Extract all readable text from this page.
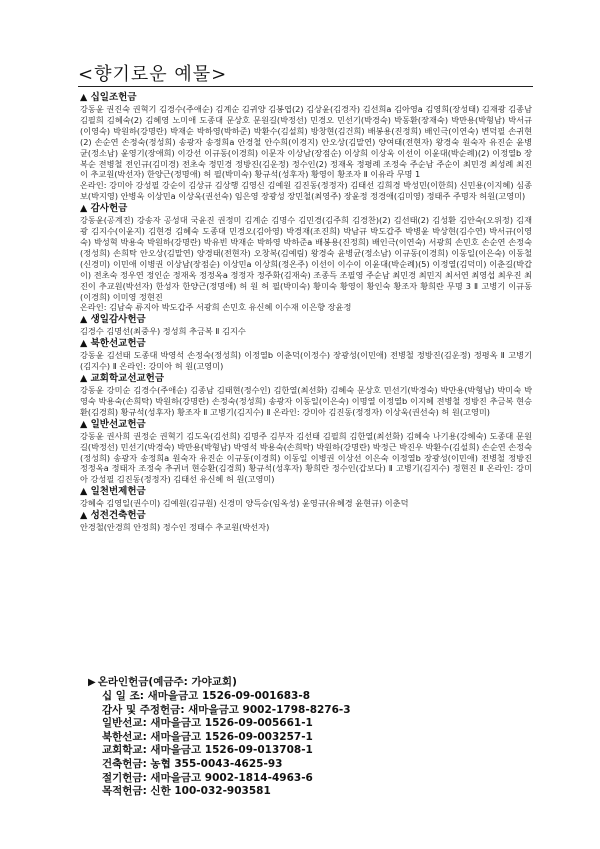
<향기로운 예물>
▲ 십일조헌금
강동윤 권진숙 권혁기 김경수(주애순) 김계순 김귀양 김봉엽(2) 김상윤(김경자) 김선희a 김아영a 김영희(장성태) 김재광 김종남 김필희 김혜숙(2) 김혜영 노미애 도종대 문상호 문원길(박정선) 민경오 민선기(박경숙) 박동환(장재숙) 박만용(박형남) 박서규(이영숙) 박원하(강명란) 박재순 박하영(박하준) 박환수(김설희) 방창현(김건희) 배봉용(진정희) 배인극(이연숙) 변덕필 손귀현(2) 손순연 손정숙(정성희) 송광자 송정희a 안경철 안수희(이경지) 안오상(김말연) 양여태(전현자) 왕경숙 원숙자 유진순 윤병균(정소남) 윤영기(장애희) 이강선 이규동(이경희) 이문자 이상남(장점순) 이상희 이상욱 이선이 이윤대(박순례)(2) 이정열b 장복순 전병철 전인규(김미경) 전초숙 정민경 정방진(김운정) 정수인(2) 정재옥 정평례 조정숙 주순남 주순이 최민경 최성례 최진이 추교원(박선자) 한양근(정명애) 허 필(박미숙) 황규석(성후자) 황영이 황조자 Ⅱ 이유라 무명 1
온라인: 강미아 강성필 강순이 김상규 김상행 김영신 김예원 김진동(정정자) 김태선 김희경 박성민(이한희) 신민용(이지혜) 심종보(박지영) 안병욱 이상민a 이상욱(권선숙) 임은영 장광성 장민철(최영주) 장윤정 정경애(김미영) 정태주 주명자 허원(고영미)
▲ 감사헌금
강동윤(공계진) 강송자 공성대 국윤진 권정미 김계순 김명수 김민경(김주희 김경찬)(2) 김선태(2) 김성환 김안숙(오위정) 김재광 김지수(이윤지) 김현경 김혜숙 도종대 민경오(김아영) 박경재(조진희) 박남규 박도갑주 박병윤 박상현(김수연) 박서규(이영숙) 박성혁 박용숙 박원하(강명란) 박유빈 박재순 박하영 박하준a 배봉용(진정희) 배인극(이연숙) 서광희 손민호 손순연 손정숙(정성희) 손희탁 안오상(김말연) 양경태(전현자) 오창복(김예림) 왕경숙 윤병균(정소남) 이규동(이경희) 이동일(이은숙) 이동철(신경미) 이민애 이병권 이상남(장점순) 이상민a 이상희(정온주) 이선이 이수이 이윤대(박순례)(5) 이정열(김덕미) 이춘길(박갑이) 전초숙 정우연 정인순 정재옥 정정옥a 정정자 정주화(김재숙) 조종득 조필영 주순남 최민경 최민지 최서연 최영섭 최우진 최진이 추교원(박선자) 한성자 한양근(정명애) 허 원 허 필(박미숙) 황미숙 황영이 황인숙 황조자 황희란 무명 3 Ⅱ 고병기 이규동(이경희) 이미영 정현진
온라인: 김남숙 류지아 박도갑주 서광희 손민호 유신혜 이수재 이은향 장윤정
▲ 생일감사헌금
김경수 김명선(최중우) 정성희 추금복 Ⅱ 김지수
▲ 북한선교헌금
강동윤 김선태 도종대 박영석 손정숙(정성희) 이정열b 이춘덕(이정수) 장광성(이민애) 전병철 정방진(김운정) 정평옥 Ⅱ 고병기(김지수) Ⅱ 온라인: 강미아 허 원(고영미)
▲ 교회학교선교헌금
강동윤 강미순 김경수(주애순) 김종남 김태현(정수인) 김한열(최선화) 김혜숙 문상호 민선기(박경숙) 박만용(박형남) 박미숙 박영숙 박용숙(손희탁) 박원하(강명란) 손정숙(정성희) 송광자 이동일(이은숙) 이명열 이정열b 이지혜 전병철 정방진 추금복 현승환(김경희) 황규석(성후자) 황조자 Ⅱ 고병기(김지수) Ⅱ 온라인: 강미아 김진동(정정자) 이상욱(권선숙) 허 원(고영미)
▲ 일반선교헌금
강동윤 권사희 권정순 권혁기 김도욱(김선희) 김명주 김부자 김선태 김필희 김한열(최선화) 김혜숙 나기용(강혜숙) 도종대 문원길(박정선) 민선기(박경숙) 박만용(박형남) 박영석 박용숙(손희탁) 박원하(강명란) 박정근 박진우 박환수(김설희) 손순연 손정숙(정성희) 송광자 송정희a 원숙자 유진순 이규동(이경희) 이동일 이병권 이상선 이은숙 이정열b 장광성(이민애) 전병철 정방진 정정옥a 정태자 조정숙 추귀녀 현승환(김경희) 황규석(성후자) 황희란 정수인(갑보다) Ⅱ 고병기(김지수) 정현진 Ⅱ 온라인: 강미아 강성필 김진동(정정자) 김태선 유신혜 허 원(고영미)
▲ 일천번제헌금
강혜숙 김영일(권수미) 김예원(김규원) 신경미 양득승(임옥성) 윤영규(유혜경 윤현규) 이춘덕
▲ 성전건축헌금
안경철(안경희 안정희) 정수인 정태수 추교원(박선자)
▶ 온라인헌금(예금주: 가야교회)
십 일 조: 새마을금고 1526-09-001683-8
감사 및 주정헌금: 새마을금고 9002-1798-8276-3
일반선교: 새마을금고 1526-09-005661-1
북한선교: 새마을금고 1526-09-003257-1
교회학교: 새마을금고 1526-09-013708-1
건축헌금: 농협 355-0043-4625-93
절기헌금: 새마을금고 9002-1814-4963-6
목적헌금: 신한 100-032-903581
